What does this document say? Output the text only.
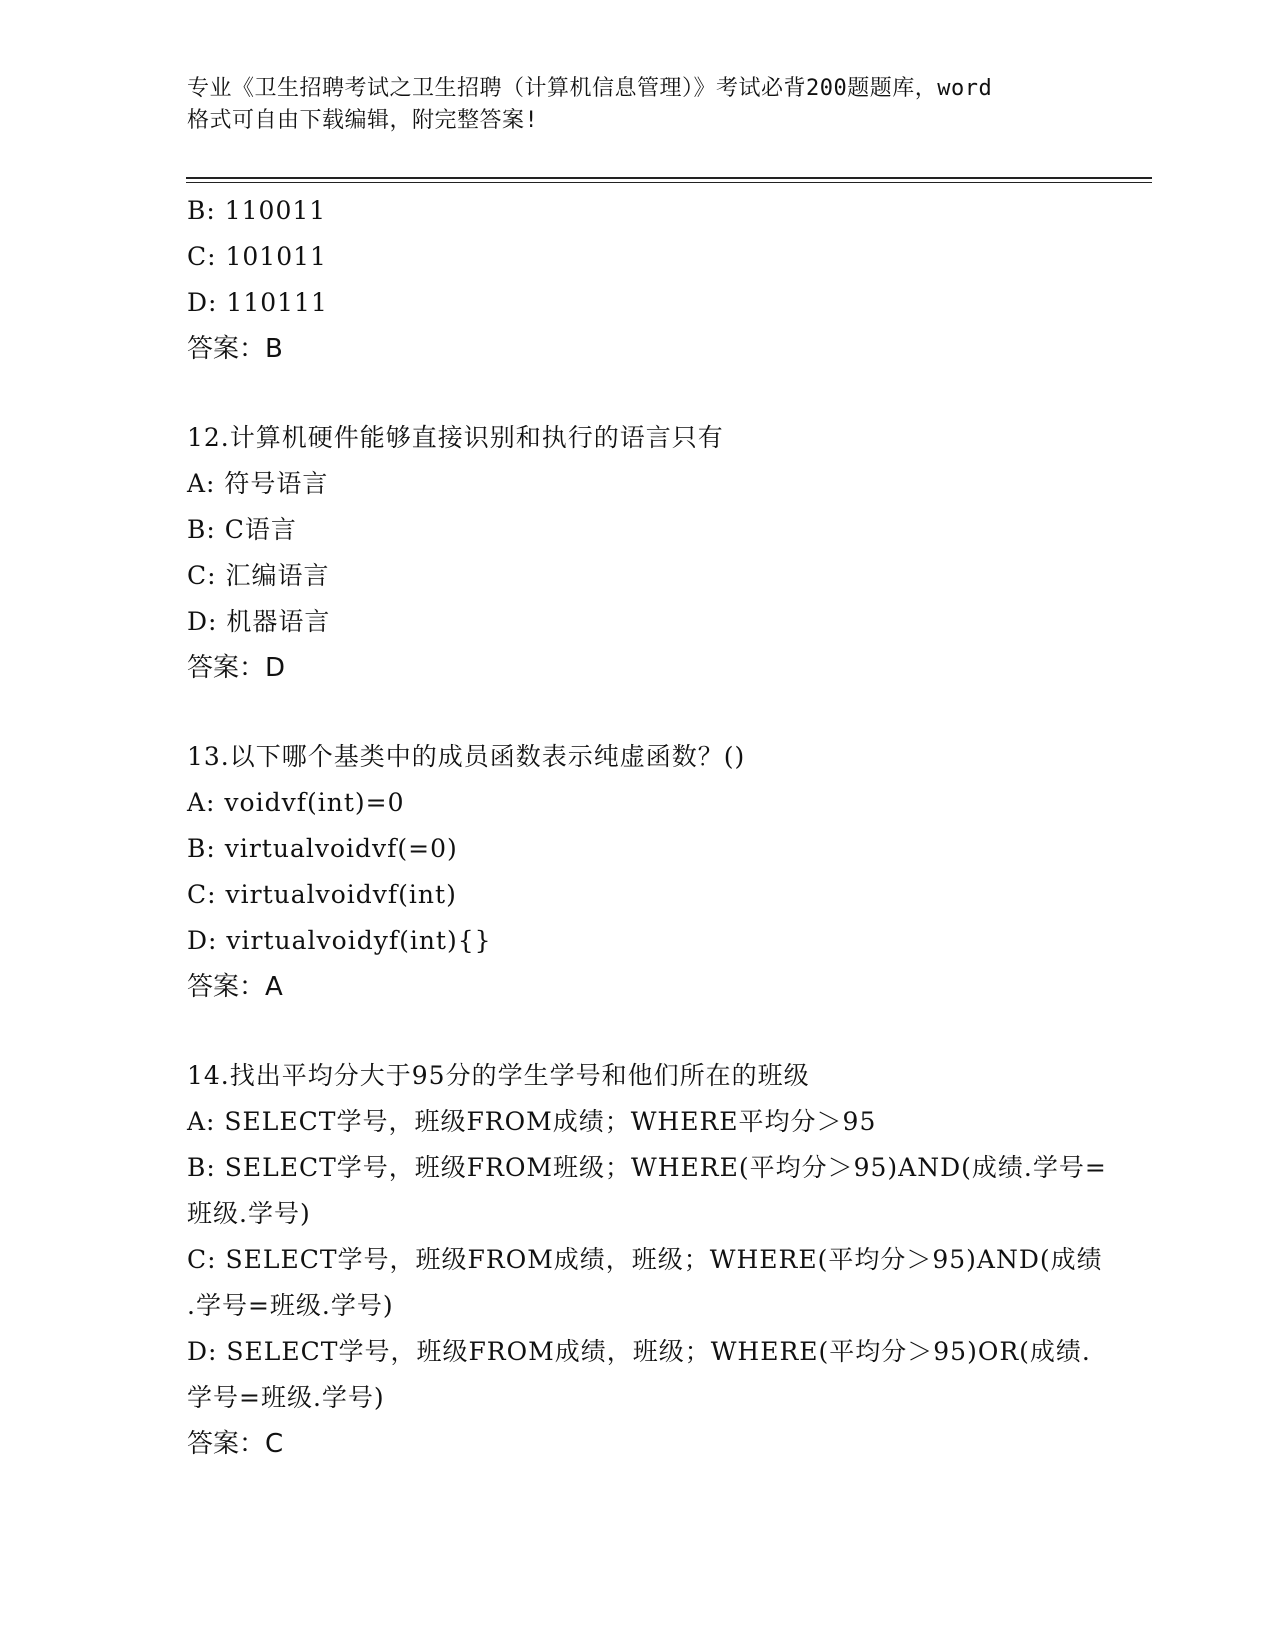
专业《卫生招聘考试之卫生招聘（计算机信息管理）》考试必背200题题库，word
格式可自由下载编辑，附完整答案!
B: 110011
C: 101011
D: 110111
答案：B
12.计算机硬件能够直接识别和执行的语言只有
A: 符号语言
B: C语言
C: 汇编语言
D: 机器语言
答案：D
13.以下哪个基类中的成员函数表示纯虚函数？()
A: voidvf(int)=0
B: virtualvoidvf(=0)
C: virtualvoidvf(int)
D: virtualvoidyf(int){}
答案：A
14.找出平均分大于95分的学生学号和他们所在的班级
A: SELECT学号，班级FROM成绩；WHERE平均分＞95
B: SELECT学号，班级FROM班级；WHERE(平均分＞95)AND(成绩.学号=
班级.学号)
C: SELECT学号，班级FROM成绩，班级；WHERE(平均分＞95)AND(成绩
.学号=班级.学号)
D: SELECT学号，班级FROM成绩，班级；WHERE(平均分＞95)OR(成绩.
学号=班级.学号)
答案：C
